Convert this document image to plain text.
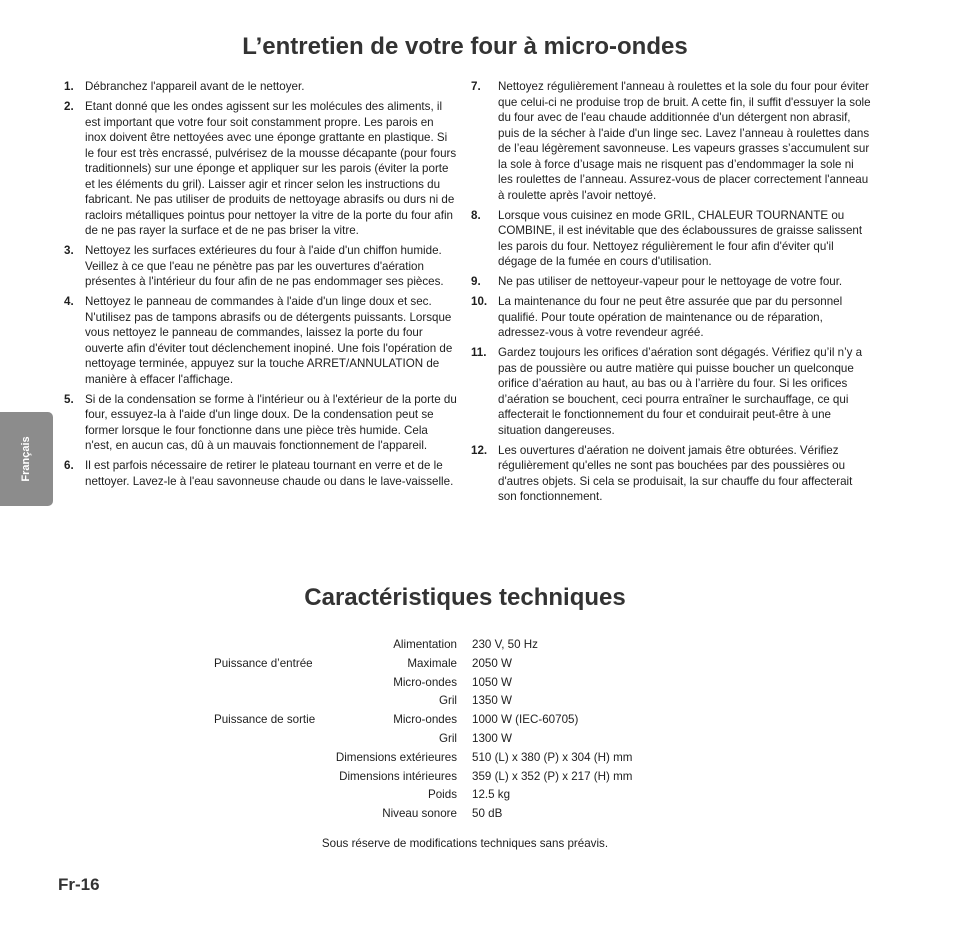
L’entretien de votre four à micro-ondes
1. Débranchez l'appareil avant de le nettoyer.
2. Etant donné que les ondes agissent sur les molécules des aliments, il est important que votre four soit constamment propre. Les parois en inox doivent être nettoyées avec une éponge grattante en plastique. Si le four est très encrassé, pulvérisez de la mousse décapante (pour fours traditionnels) sur une éponge et appliquer sur les parois (éviter la porte et les éléments du gril). Laisser agir et rincer selon les instructions du fabricant. Ne pas utiliser de produits de nettoyage abrasifs ou durs ni de racloirs métalliques pointus pour nettoyer la vitre de la porte du four afin de ne pas rayer la surface et de ne pas briser la vitre.
3. Nettoyez les surfaces extérieures du four à l'aide d'un chiffon humide. Veillez à ce que l'eau ne pénètre pas par les ouvertures d'aération présentes à l'intérieur du four afin de ne pas endommager ses pièces.
4. Nettoyez le panneau de commandes à l'aide d'un linge doux et sec. N'utilisez pas de tampons abrasifs ou de détergents puissants. Lorsque vous nettoyez le panneau de commandes, laissez la porte du four ouverte afin d'éviter tout déclenchement inopiné. Une fois l'opération de nettoyage terminée, appuyez sur la touche ARRET/ANNULATION de manière à effacer l'affichage.
5. Si de la condensation se forme à l'intérieur ou à l'extérieur de la porte du four, essuyez-la à l'aide d'un linge doux. De la condensation peut se former lorsque le four fonctionne dans une pièce très humide. Cela n'est, en aucun cas, dû à un mauvais fonctionnement de l'appareil.
6. Il est parfois nécessaire de retirer le plateau tournant en verre et de le nettoyer. Lavez-le à l'eau savonneuse chaude ou dans le lave-vaisselle.
7.	Nettoyez régulièrement l'anneau à roulettes et la sole du four pour éviter que celui-ci ne produise trop de bruit. A cette fin, il suffit d'essuyer la sole du four avec de l'eau chaude additionnée d'un détergent non abrasif, puis de la sécher à l'aide d'un linge sec. Lavez l’anneau à roulettes dans de l’eau légèrement savonneuse. Les vapeurs grasses s’accumulent sur la sole à force d’usage mais ne risquent pas d’endommager la sole ni les roulettes de l’anneau. Assurez-vous de placer correctement l'anneau à roulette après l'avoir nettoyé.
8.	Lorsque vous cuisinez en mode GRIL, CHALEUR TOURNANTE ou COMBINE, il est inévitable que des éclaboussures de graisse salissent les parois du four. Nettoyez régulièrement le four afin d'éviter qu'il dégage de la fumée en cours d'utilisation.
9.	Ne pas utiliser de nettoyeur-vapeur pour le nettoyage de votre four.
10. La maintenance du four ne peut être assurée que par du personnel qualifié. Pour toute opération de maintenance ou de réparation, adressez-vous à votre revendeur agréé.
11. Gardez toujours les orifices d’aération sont dégagés. Vérifiez qu’il n’y a pas de poussière ou autre matière qui puisse boucher un quelconque orifice d’aération au haut, au bas ou à l’arrière du four. Si les orifices d’aération se bouchent, ceci pourra entraîner le surchauffage, ce qui affecterait le fonctionnement du four et conduirait peut-être à une situation dangereuses.
12. Les ouvertures d'aération ne doivent jamais être obturées. Vérifiez régulièrement qu'elles ne sont pas bouchées par des poussières ou d'autres objets. Si cela se produisait, la sur chauffe du four affecterait son fonctionnement.
Français
Caractéristiques techniques
	Alimentation	230 V, 50 Hz
Puissance d’entrée	Maximale	2050 W
	Micro-ondes	1050 W
	Gril	1350 W
Puissance de sortie	Micro-ondes	1000 W (IEC-60705)
	Gril	1300 W
	Dimensions extérieures	510 (L) x 380 (P) x 304 (H) mm
	Dimensions intérieures	359 (L) x 352 (P) x 217 (H) mm
	Poids	12.5 kg
	Niveau sonore	50 dB
Sous réserve de modifications techniques sans préavis.
Fr-16
